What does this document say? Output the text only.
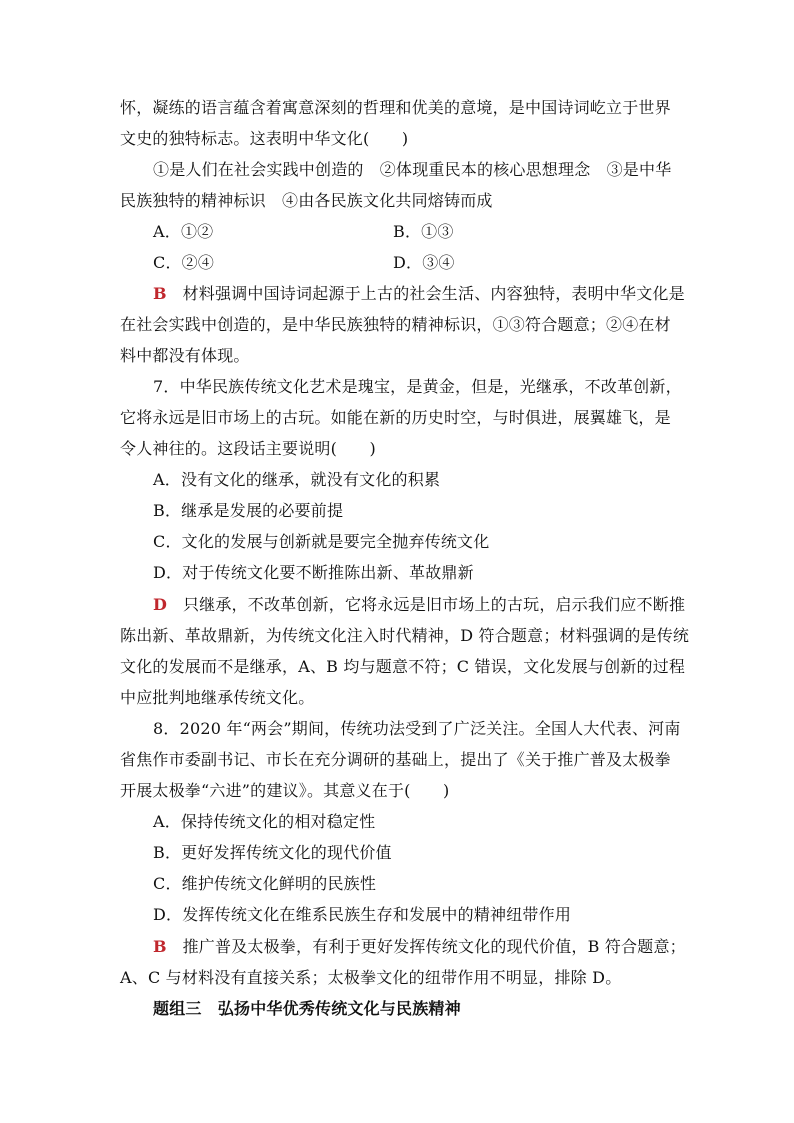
怀，凝练的语言蕴含着寓意深刻的哲理和优美的意境，是中国诗词屹立于世界
文史的独特标志。这表明中华文化(　　)
①是人们在社会实践中创造的　②体现重民本的核心思想理念　③是中华
民族独特的精神标识　④由各民族文化共同熔铸而成
A．①②	B．①③
C．②④	D．③④
B 材料强调中国诗词起源于上古的社会生活、内容独特，表明中华文化是
在社会实践中创造的，是中华民族独特的精神标识，①③符合题意；②④在材
料中都没有体现。
7．中华民族传统文化艺术是瑰宝，是黄金，但是，光继承，不改革创新，
它将永远是旧市场上的古玩。如能在新的历史时空，与时俱进，展翼雄飞，是
令人神往的。这段话主要说明(　　)
A．没有文化的继承，就没有文化的积累
B．继承是发展的必要前提
C．文化的发展与创新就是要完全抛弃传统文化
D．对于传统文化要不断推陈出新、革故鼎新
D 只继承，不改革创新，它将永远是旧市场上的古玩，启示我们应不断推
陈出新、革故鼎新，为传统文化注入时代精神，D 符合题意；材料强调的是传统
文化的发展而不是继承，A、B 均与题意不符；C 错误，文化发展与创新的过程
中应批判地继承传统文化。
8．2020 年“两会”期间，传统功法受到了广泛关注。全国人大代表、河南
省焦作市委副书记、市长在充分调研的基础上，提出了《关于推广普及太极拳
开展太极拳“六进”的建议》。其意义在于(　　)
A．保持传统文化的相对稳定性
B．更好发挥传统文化的现代价值
C．维护传统文化鲜明的民族性
D．发挥传统文化在维系民族生存和发展中的精神纽带作用
B 推广普及太极拳，有利于更好发挥传统文化的现代价值，B 符合题意；
A、C 与材料没有直接关系；太极拳文化的纽带作用不明显，排除 D。
题组三　弘扬中华优秀传统文化与民族精神
